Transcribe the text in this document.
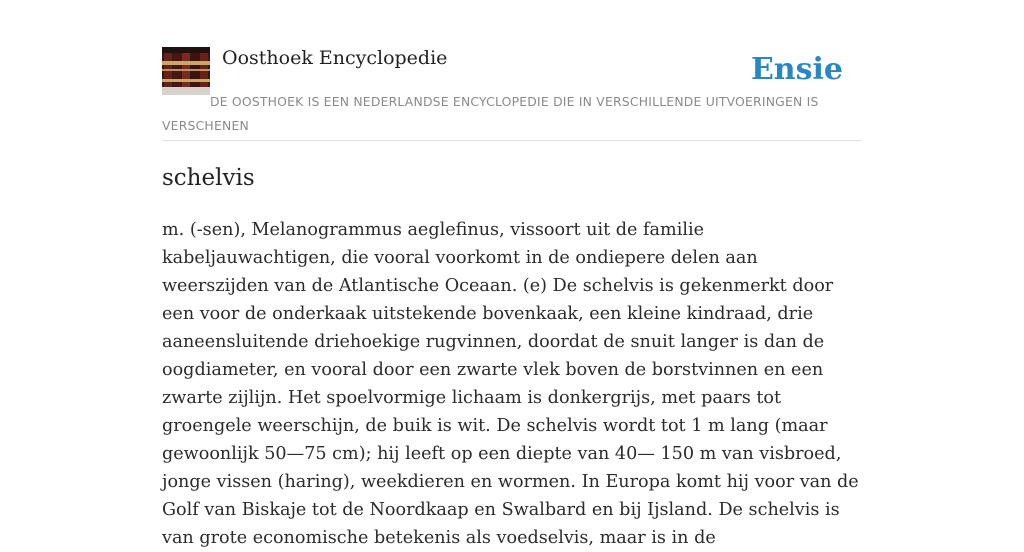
Oosthoek Encyclopedie	Ensie
DE OOSTHOEK IS EEN NEDERLANDSE ENCYCLOPEDIE DIE IN VERSCHILLENDE UITVOERINGEN IS VERSCHENEN
schelvis

m. (-sen), Melanogrammus aeglefinus, vissoort uit de familie kabeljauwachtigen, die vooral voorkomt in de ondiepere delen aan weerszijden van de Atlantische Oceaan. (e) De schelvis is gekenmerkt door een voor de onderkaak uitstekende bovenkaak, een kleine kindraad, drie aaneensluitende driehoekige rugvinnen, doordat de snuit langer is dan de oogdiameter, en vooral door een zwarte vlek boven de borstvinnen en een zwarte zijlijn. Het spoelvormige lichaam is donkergrijs, met paars tot groengele weerschijn, de buik is wit. De schelvis wordt tot 1 m lang (maar gewoonlijk 50—75 cm); hij leeft op een diepte van 40— 150 m van visbroed, jonge vissen (haring), weekdieren en wormen. In Europa komt hij voor van de Golf van Biskaje tot de Noordkaap en Swalbard en bij Ijsland. De schelvis is van grote economische betekenis als voedselvis, maar is in de
